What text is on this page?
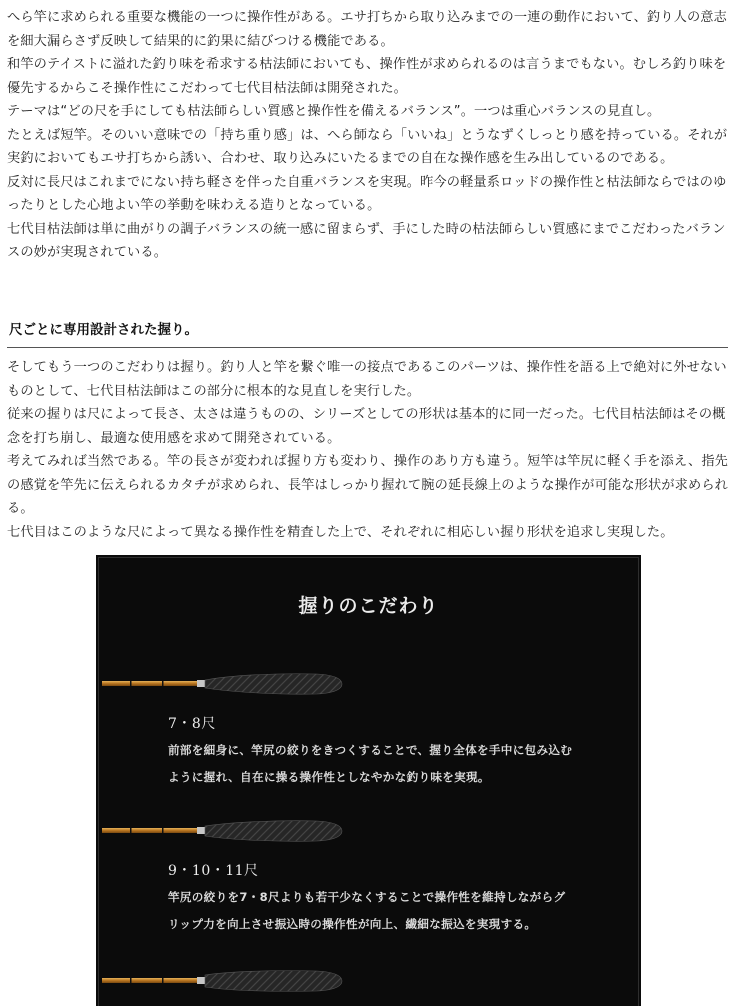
へら竿に求められる重要な機能の一つに操作性がある。エサ打ちから取り込みまでの一連の動作において、釣り人の意志を細大漏らさず反映して結果的に釣果に結びつける機能である。

和竿のテイストに溢れた釣り味を希求する枯法師においても、操作性が求められるのは言うまでもない。むしろ釣り味を優先するからこそ操作性にこだわって七代目枯法師は開発された。

テーマは“どの尺を手にしても枯法師らしい質感と操作性を備えるバランス”。一つは重心バランスの見直し。

たとえば短竿。そのいい意味での「持ち重り感」は、へら師なら「いいね」とうなずくしっとり感を持っている。それが実釣においてもエサ打ちから誘い、合わせ、取り込みにいたるまでの自在な操作感を生み出しているのである。

反対に長尺はこれまでにない持ち軽さを伴った自重バランスを実現。昨今の軽量系ロッドの操作性と枯法師ならではのゆったりとした心地よい竿の挙動を味わえる造りとなっている。

七代目枯法師は単に曲がりの調子バランスの統一感に留まらず、手にした時の枯法師らしい質感にまでこだわったバランスの妙が実現されている。

尺ごとに専用設計された握り。

そしてもう一つのこだわりは握り。釣り人と竿を繋ぐ唯一の接点であるこのパーツは、操作性を語る上で絶対に外せないものとして、七代目枯法師はこの部分に根本的な見直しを実行した。

従来の握りは尺によって長さ、太さは違うものの、シリーズとしての形状は基本的に同一だった。七代目枯法師はその概念を打ち崩し、最適な使用感を求めて開発されている。

考えてみれば当然である。竿の長さが変われば握り方も変わり、操作のあり方も違う。短竿は竿尻に軽く手を添え、指先の感覚を竿先に伝えられるカタチが求められ、長竿はしっかり握れて腕の延長線上のような操作が可能な形状が求められる。

七代目はこのような尺によって異なる操作性を精査した上で、それぞれに相応しい握り形状を追求し実現した。

握りのこだわり

7・8尺

前部を細身に、竿尻の絞りをきつくすることで、握り全体を手中に包み込む
ように握れ、自在に操る操作性としなやかな釣り味を実現。

9・10・11尺

竿尻の絞りを7・8尺よりも若干少なくすることで操作性を維持しながらグ
リップ力を向上させ振込時の操作性が向上、繊細な振込を実現する。
